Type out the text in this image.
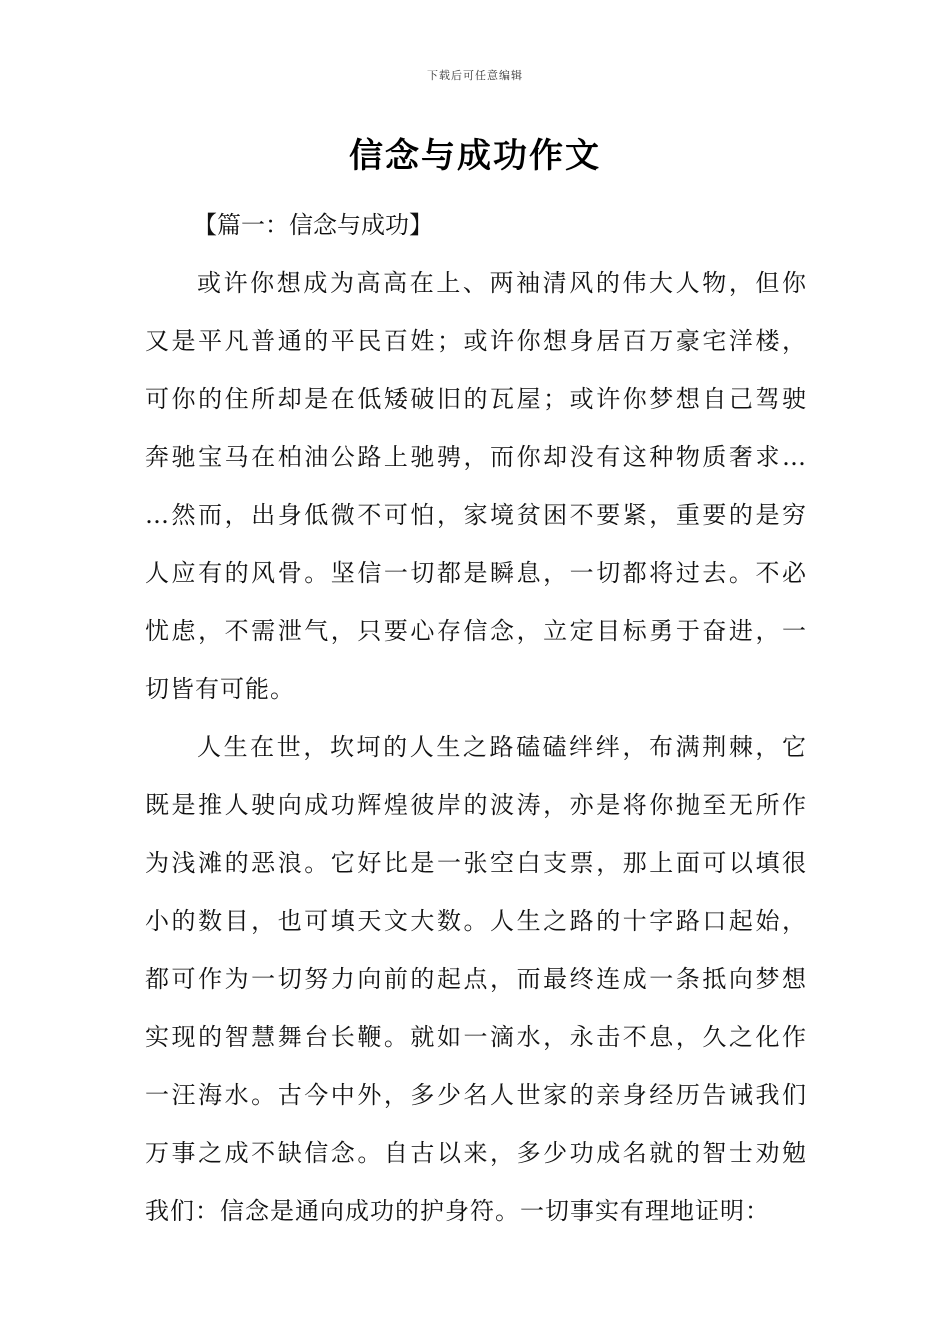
下载后可任意编辑
信念与成功作文
【篇一：信念与成功】
或许你想成为高高在上、两袖清风的伟大人物，但你
又是平凡普通的平民百姓；或许你想身居百万豪宅洋楼，
可你的住所却是在低矮破旧的瓦屋；或许你梦想自己驾驶
奔驰宝马在柏油公路上驰骋，而你却没有这种物质奢求…
…然而，出身低微不可怕，家境贫困不要紧，重要的是穷
人应有的风骨。坚信一切都是瞬息，一切都将过去。不必
忧虑，不需泄气，只要心存信念，立定目标勇于奋进，一
切皆有可能。
人生在世，坎坷的人生之路磕磕绊绊，布满荆棘，它
既是推人驶向成功辉煌彼岸的波涛，亦是将你抛至无所作
为浅滩的恶浪。它好比是一张空白支票，那上面可以填很
小的数目，也可填天文大数。人生之路的十字路口起始，
都可作为一切努力向前的起点，而最终连成一条抵向梦想
实现的智慧舞台长鞭。就如一滴水，永击不息，久之化作
一汪海水。古今中外，多少名人世家的亲身经历告诫我们
万事之成不缺信念。自古以来，多少功成名就的智士劝勉
我们：信念是通向成功的护身符。一切事实有理地证明：
